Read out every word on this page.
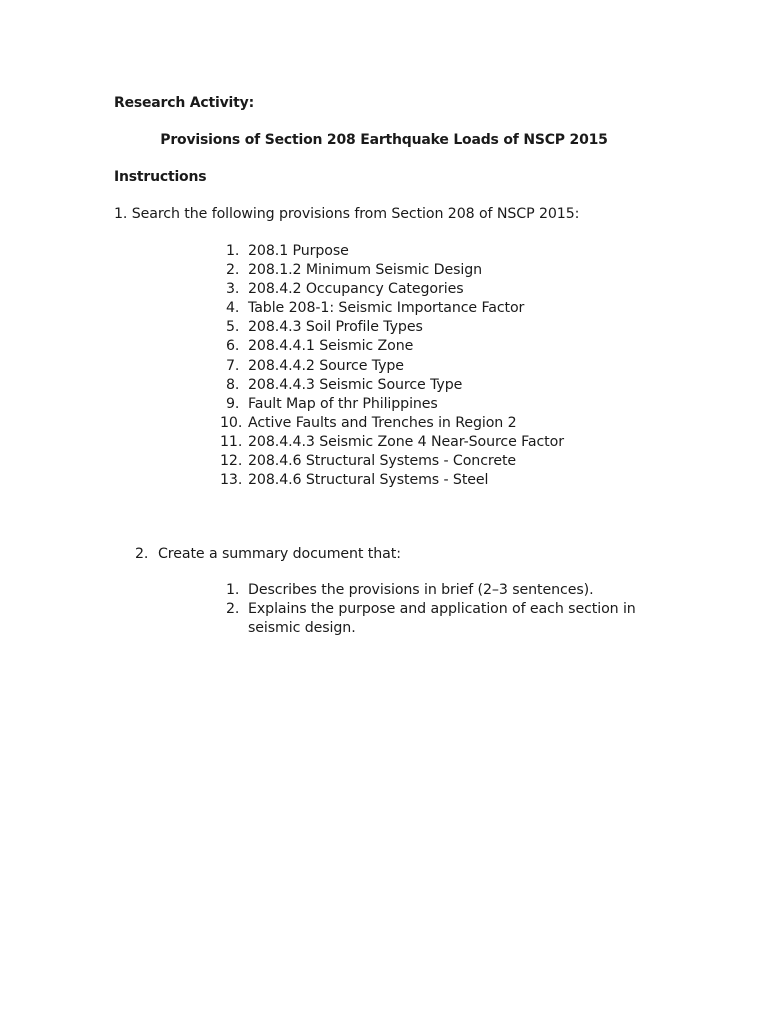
Research Activity:

Provisions of Section 208 Earthquake Loads of NSCP 2015

Instructions

1. Search the following provisions from Section 208 of NSCP 2015:

1. 208.1 Purpose
2. 208.1.2 Minimum Seismic Design
3. 208.4.2 Occupancy Categories
4. Table 208-1: Seismic Importance Factor
5. 208.4.3 Soil Profile Types
6. 208.4.4.1 Seismic Zone
7. 208.4.4.2 Source Type
8. 208.4.4.3 Seismic Source Type
9. Fault Map of thr Philippines
10. Active Faults and Trenches in Region 2
11. 208.4.4.3 Seismic Zone 4 Near-Source Factor
12. 208.4.6 Structural Systems - Concrete
13. 208.4.6 Structural Systems - Steel

2. Create a summary document that:

1. Describes the provisions in brief (2–3 sentences).
2. Explains the purpose and application of each section in seismic design.
